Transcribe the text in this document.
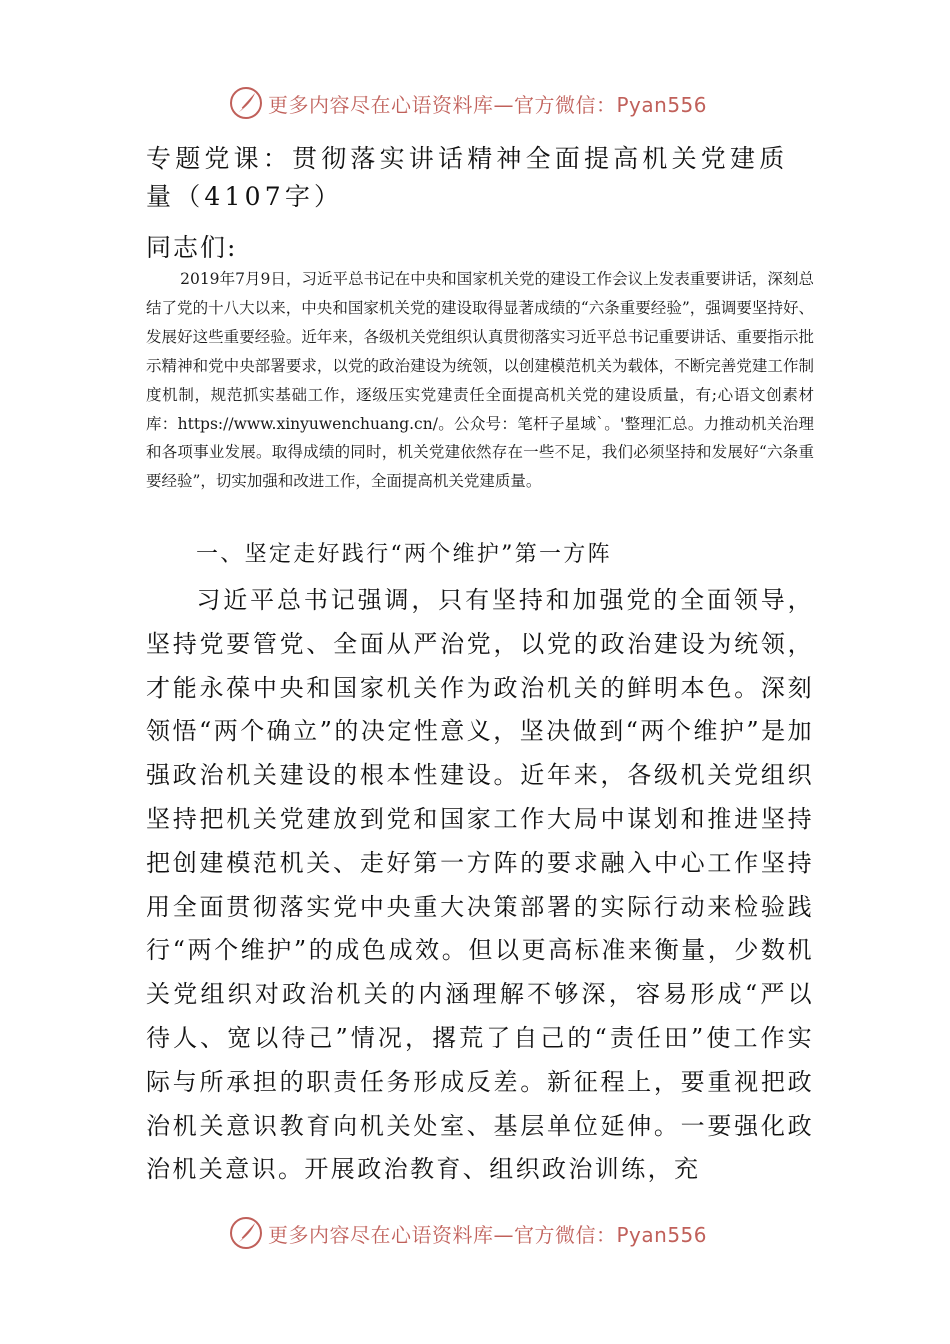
更多内容尽在心语资料库—官方微信：Pyan556
专题党课：贯彻落实讲话精神全面提高机关党建质量（4107字）
同志们:
2019年7月9日，习近平总书记在中央和国家机关党的建设工作会议上发表重要讲话，深刻总结了党的十八大以来，中央和国家机关党的建设取得显著成绩的“六条重要经验”，强调要坚持好、发展好这些重要经验。近年来，各级机关党组织认真贯彻落实习近平总书记重要讲话、重要指示批示精神和党中央部署要求，以党的政治建设为统领，以创建模范机关为载体，不断完善党建工作制度机制，规范抓实基础工作，逐级压实党建责任全面提高机关党的建设质量，有;心语文创素材库：https://www.xinyuwenchuang.cn/。公众号：笔杆子星域`。'整理汇总。力推动机关治理和各项事业发展。取得成绩的同时，机关党建依然存在一些不足，我们必须坚持和发展好“六条重要经验”，切实加强和改进工作，全面提高机关党建质量。
一、坚定走好践行“两个维护”第一方阵
习近平总书记强调，只有坚持和加强党的全面领导，坚持党要管党、全面从严治党，以党的政治建设为统领，才能永葆中央和国家机关作为政治机关的鲜明本色。深刻领悟“两个确立”的决定性意义，坚决做到“两个维护”是加强政治机关建设的根本性建设。近年来，各级机关党组织坚持把机关党建放到党和国家工作大局中谋划和推进坚持把创建模范机关、走好第一方阵的要求融入中心工作坚持用全面贯彻落实党中央重大决策部署的实际行动来检验践行“两个维护”的成色成效。但以更高标准来衡量，少数机关党组织对政治机关的内涵理解不够深，容易形成“严以待人、宽以待己”情况，撂荒了自己的“责任田”使工作实际与所承担的职责任务形成反差。新征程上，要重视把政治机关意识教育向机关处室、基层单位延伸。一要强化政治机关意识。开展政治教育、组织政治训练，充
更多内容尽在心语资料库—官方微信：Pyan556
